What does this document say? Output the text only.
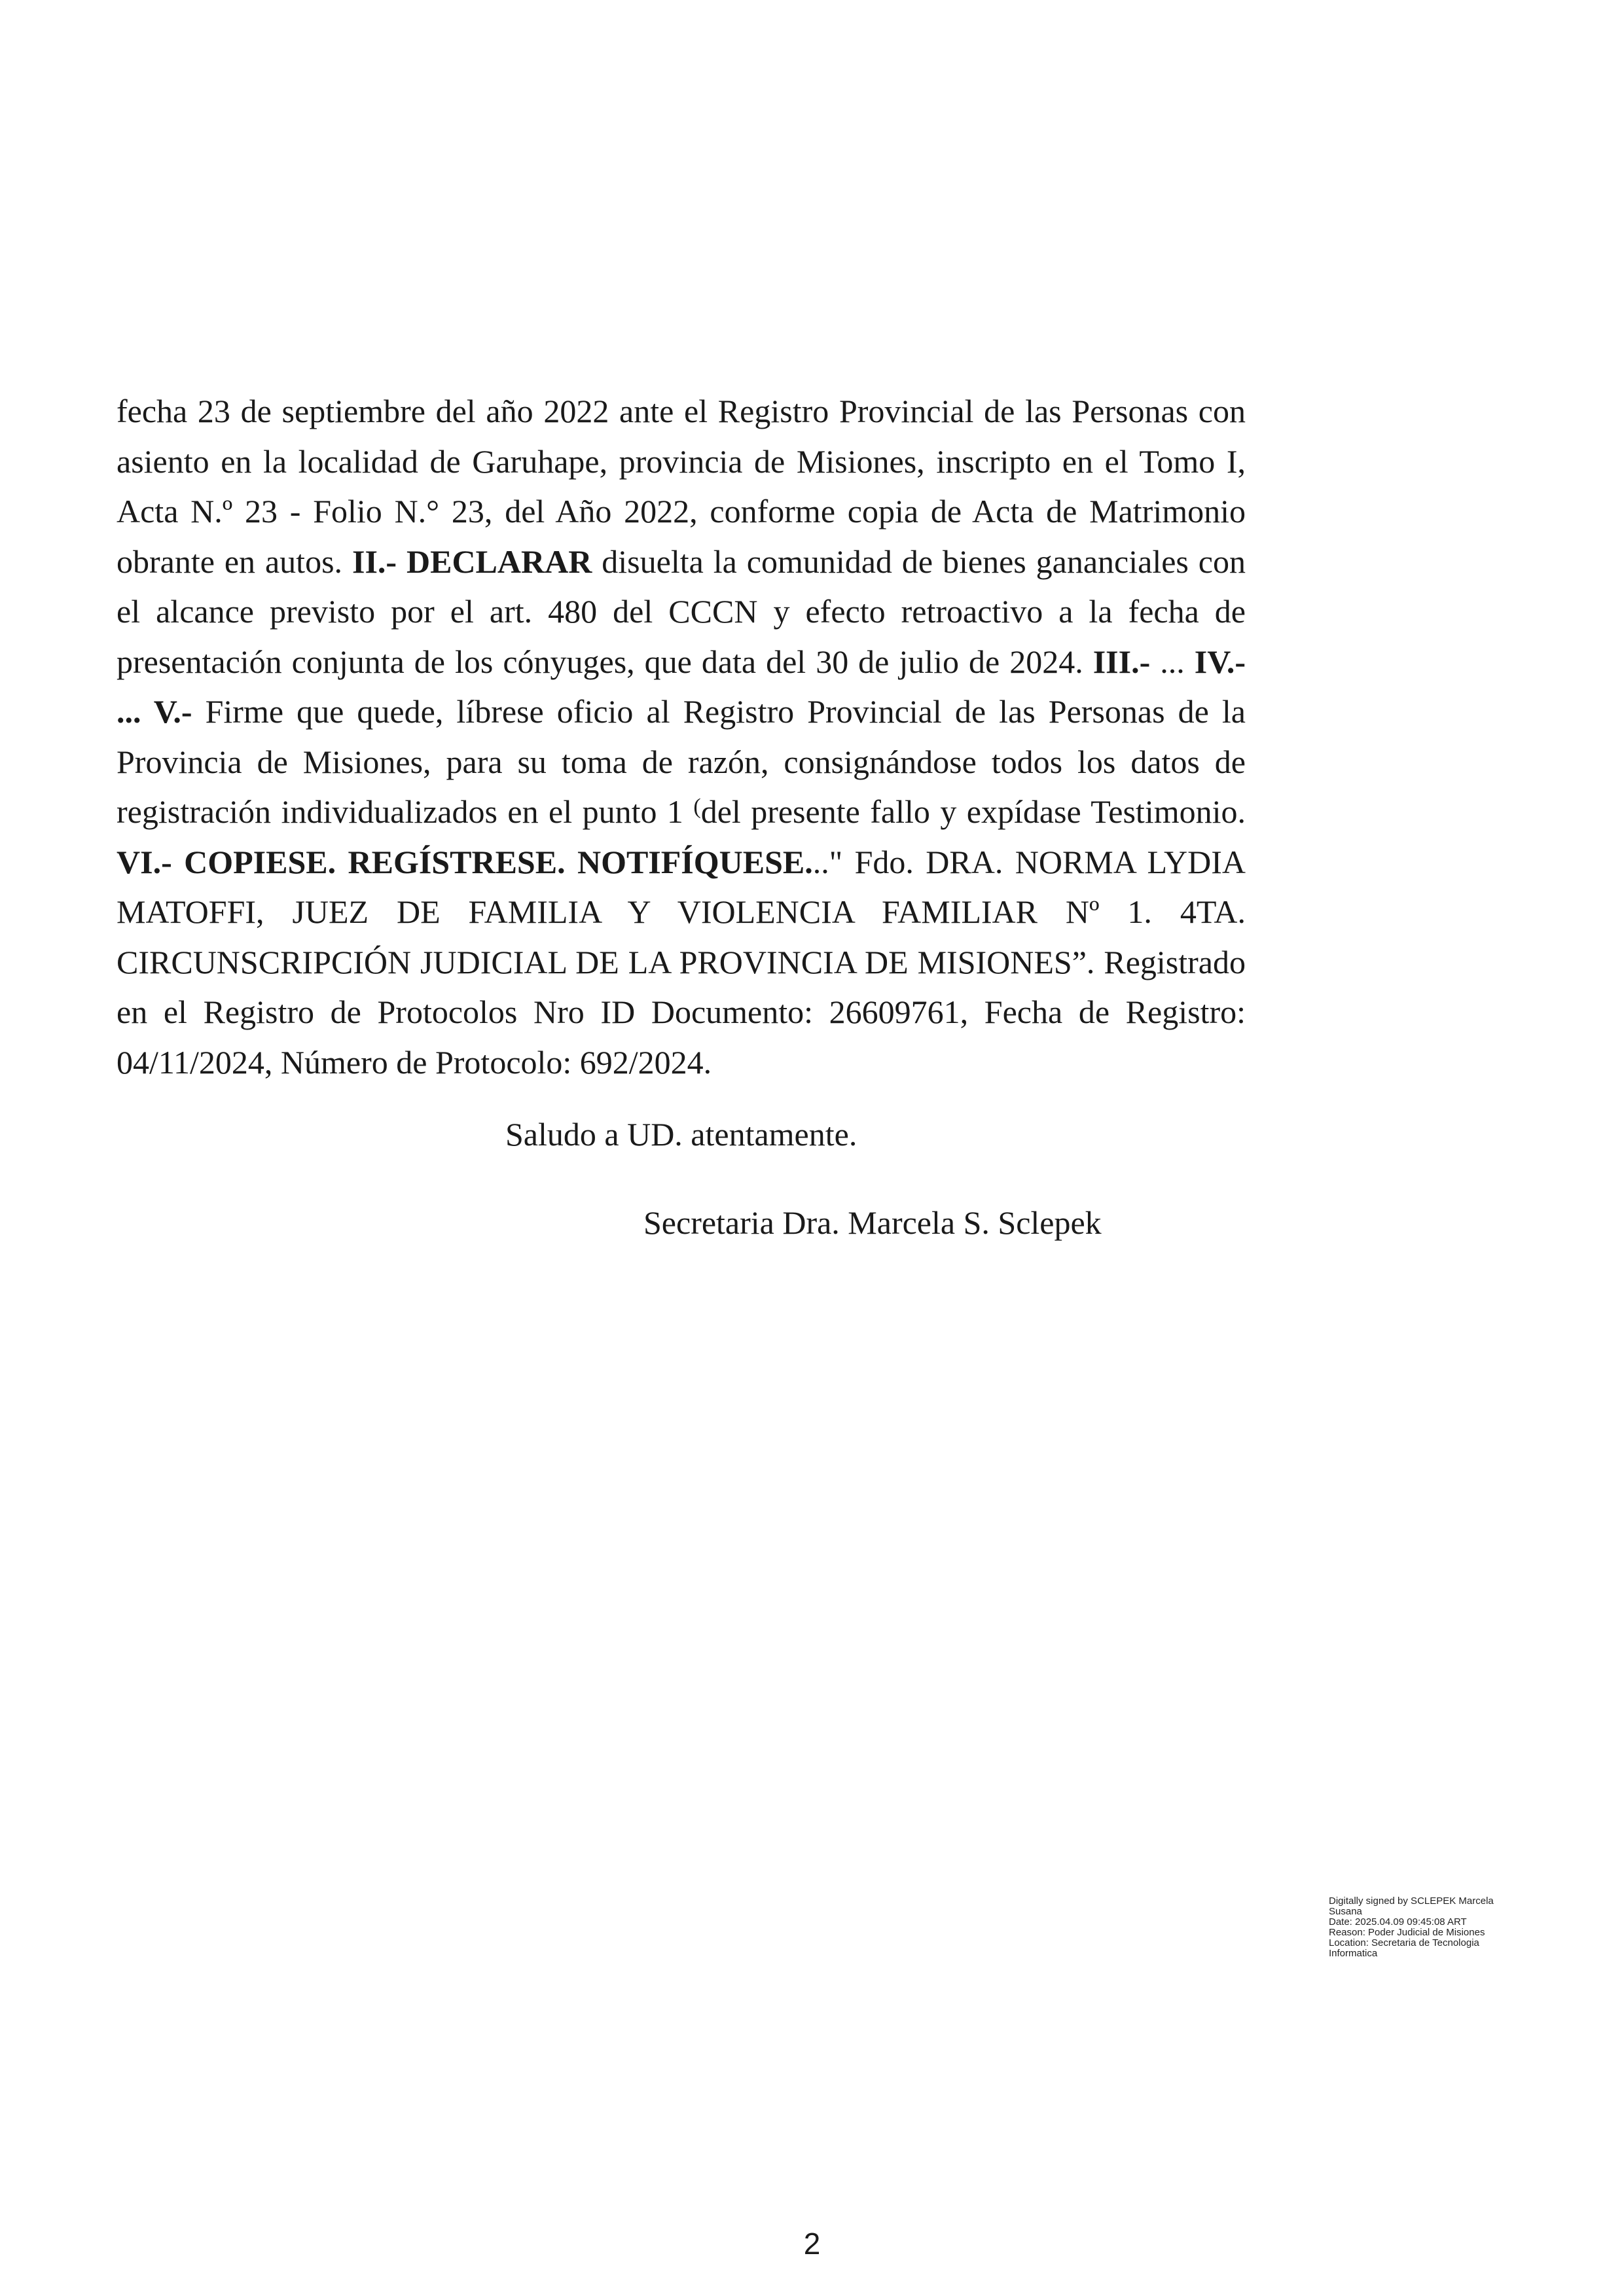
fecha 23 de septiembre del año 2022 ante el Registro Provincial de las Personas con asiento en la localidad de Garuhape, provincia de Misiones, inscripto en el Tomo I, Acta N.º 23 - Folio N.° 23, del Año 2022, conforme copia de Acta de Matrimonio obrante en autos. II.- DECLARAR disuelta la comunidad de bienes gananciales con el alcance previsto por el art. 480 del CCCN y efecto retroactivo a la fecha de presentación conjunta de los cónyuges, que data del 30 de julio de 2024. III.- ... IV.- ... V.- Firme que quede, líbrese oficio al Registro Provincial de las Personas de la Provincia de Misiones, para su toma de razón, consignándose todos los datos de registración individualizados en el punto 1 (del presente fallo y expídase Testimonio. VI.- COPIESE. REGÍSTRESE. NOTIFÍQUESE..." Fdo. DRA. NORMA LYDIA MATOFFI, JUEZ DE FAMILIA Y VIOLENCIA FAMILIAR Nº 1. 4TA. CIRCUNSCRIPCIÓN JUDICIAL DE LA PROVINCIA DE MISIONES”. Registrado en el Registro de Protocolos Nro ID Documento: 26609761, Fecha de Registro: 04/11/2024, Número de Protocolo: 692/2024.

Saludo a UD. atentamente.
Secretaria Dra. Marcela S. Sclepek
Digitally signed by SCLEPEK Marcela
Susana
Date: 2025.04.09 09:45:08 ART
Reason: Poder Judicial de Misiones
Location: Secretaria de Tecnologia
Informatica
2
